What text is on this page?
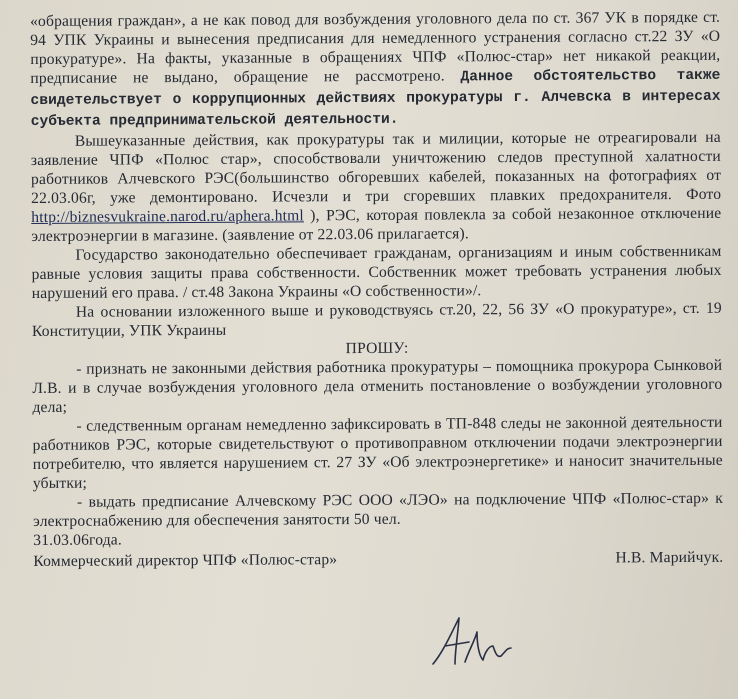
«обращения граждан», а не как повод для возбуждения уголовного дела по ст. 367 УК в порядке ст. 94 УПК Украины и вынесения предписания для немедленного устранения согласно ст.22 ЗУ «О прокуратуре». На факты, указанные в обращениях ЧПФ «Полюс-стар» нет никакой реакции, предписание не выдано, обращение не рассмотрено. Данное обстоятельство также свидетельствует о коррупционных действиях прокуратуры г. Алчевска в интересах субъекта предпринимательской деятельности.

Вышеуказанные действия, как прокуратуры так и милиции, которые не отреагировали на заявление ЧПФ «Полюс стар», способствовали уничтожению следов преступной халатности работников Алчевского РЭС(большинство обгоревших кабелей, показанных на фотографиях от 22.03.06г, уже демонтировано. Исчезли и три сгоревших плавких предохранителя. Фото http://biznesvukraine.narod.ru/aphera.html ), РЭС, которая повлекла за собой незаконное отключение электроэнергии в магазине. (заявление от 22.03.06 прилагается).

Государство законодательно обеспечивает гражданам, организациям и иным собственникам равные условия защиты права собственности. Собственник может требовать устранения любых нарушений его права. / ст.48 Закона Украины «О собственности»/.

На основании изложенного выше и руководствуясь ст.20, 22, 56 ЗУ «О прокуратуре», ст. 19 Конституции, УПК Украины

ПРОШУ:

- признать не законными действия работника прокуратуры – помощника прокурора Сынковой Л.В. и в случае возбуждения уголовного дела отменить постановление о возбуждении уголовного дела;

- следственным органам немедленно зафиксировать в ТП-848 следы не законной деятельности работников РЭС, которые свидетельствуют о противоправном отключении подачи электроэнергии потребителю, что является нарушением ст. 27 ЗУ «Об электроэнергетике» и наносит значительные убытки;

- выдать предписание Алчевскому РЭС ООО «ЛЭО» на подключение ЧПФ «Полюс-стар» к электроснабжению для обеспечения занятости 50 чел.

31.03.06года.

Коммерческий директор ЧПФ «Полюс-стар»	Н.В. Марийчук.
